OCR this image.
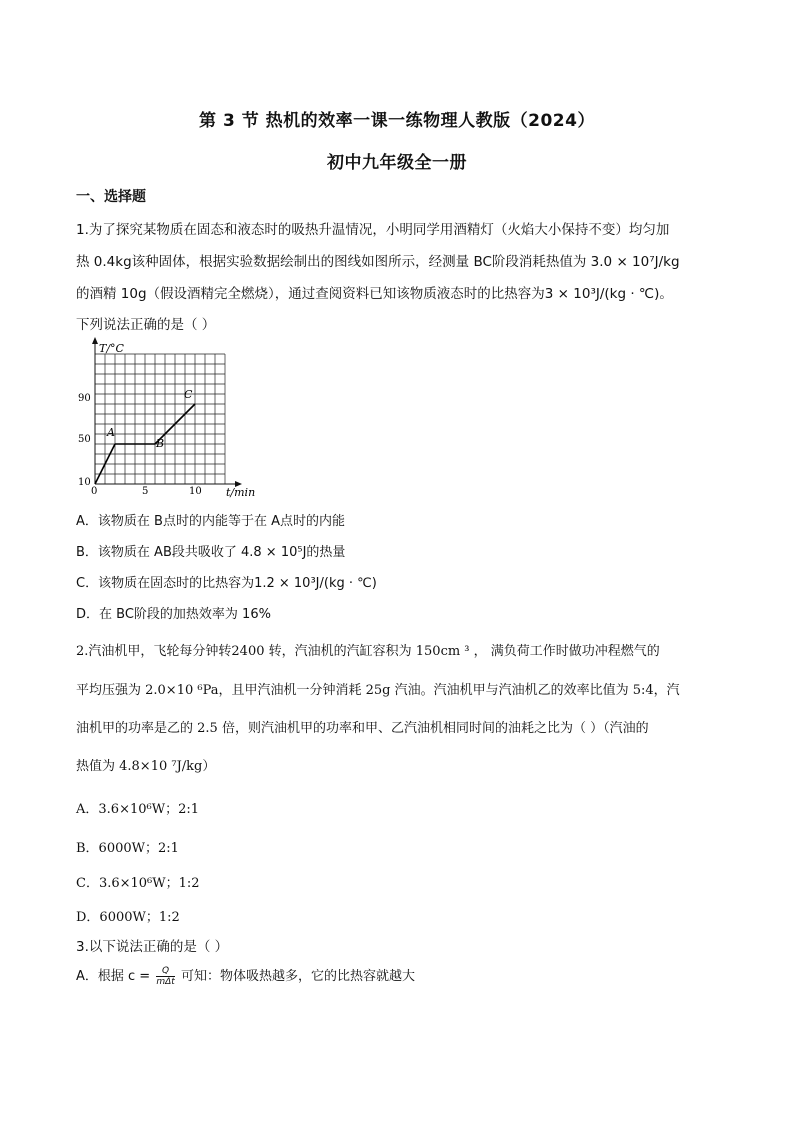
第 3 节 热机的效率一课一练物理人教版（2024）
初中九年级全一册
一、选择题
1.为了探究某物质在固态和液态时的吸热升温情况，小明同学用酒精灯（火焰大小保持不变）均匀加
热 0.4kg该种固体，根据实验数据绘制出的图线如图所示，经测量 BC阶段消耗热值为 3.0 × 10⁷J/kg
的酒精 10g（假设酒精完全燃烧），通过查阅资料已知该物质液态时的比热容为3 × 10³J/(kg · ℃)。
下列说法正确的是（ ）
T/°C
t/min
10
50
90
0	5	10
A
B
C
A．该物质在 B点时的内能等于在 A点时的内能
B．该物质在 AB段共吸收了 4.8 × 10⁵J的热量
C．该物质在固态时的比热容为1.2 × 10³J/(kg · ℃)
D．在 BC阶段的加热效率为 16%
2.汽油机甲，飞轮每分钟转2400 转，汽油机的汽缸容积为 150cm ³ ， 满负荷工作时做功冲程燃气的
平均压强为 2.0×10 ⁶Pa，且甲汽油机一分钟消耗 25g 汽油。汽油机甲与汽油机乙的效率比值为 5:4，汽
油机甲的功率是乙的 2.5 倍，则汽油机甲的功率和甲、乙汽油机相同时间的油耗之比为（ ）（汽油的
热值为 4.8×10 ⁷J/kg）
A．3.6×10⁶W；2:1
B．6000W；2:1
C．3.6×10⁶W；1:2
D．6000W；1:2
3.以下说法正确的是（ ）
A．根据 $c = \frac{Q}{\text{mΔt}}$ 可知：物体吸热越多，它的比热容就越大
